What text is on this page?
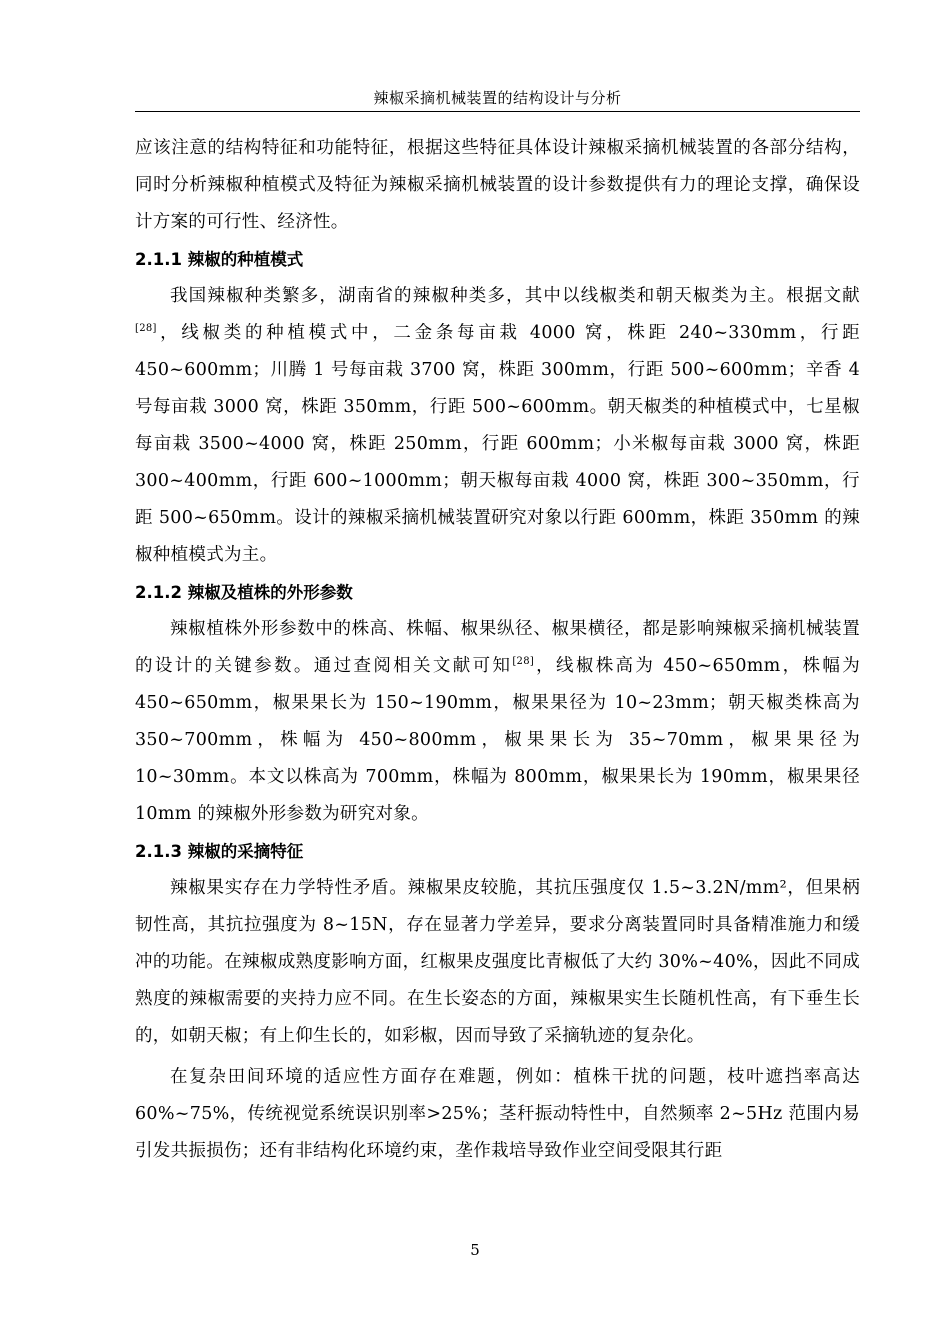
辣椒采摘机械装置的结构设计与分析

应该注意的结构特征和功能特征，根据这些特征具体设计辣椒采摘机械装置的各部分结构，同时分析辣椒种植模式及特征为辣椒采摘机械装置的设计参数提供有力的理论支撑，确保设计方案的可行性、经济性。

2.1.1 辣椒的种植模式

我国辣椒种类繁多，湖南省的辣椒种类多，其中以线椒类和朝天椒类为主。根据文献[28]，线椒类的种植模式中，二金条每亩栽 4000 窝，株距 240~330mm，行距 450~600mm；川腾 1 号每亩栽 3700 窝，株距 300mm，行距 500~600mm；辛香 4 号每亩栽 3000 窝，株距 350mm，行距 500~600mm。朝天椒类的种植模式中，七星椒每亩栽 3500~4000 窝，株距 250mm，行距 600mm；小米椒每亩栽 3000 窝，株距 300~400mm，行距 600~1000mm；朝天椒每亩栽 4000 窝，株距 300~350mm，行距 500~650mm。设计的辣椒采摘机械装置研究对象以行距 600mm，株距 350mm 的辣椒种植模式为主。

2.1.2 辣椒及植株的外形参数

辣椒植株外形参数中的株高、株幅、椒果纵径、椒果横径，都是影响辣椒采摘机械装置的设计的关键参数。通过查阅相关文献可知[28]，线椒株高为 450~650mm，株幅为 450~650mm，椒果果长为 150~190mm，椒果果径为 10~23mm；朝天椒类株高为 350~700mm，株幅为 450~800mm，椒果果长为 35~70mm，椒果果径为 10~30mm。本文以株高为 700mm，株幅为 800mm，椒果果长为 190mm，椒果果径 10mm 的辣椒外形参数为研究对象。

2.1.3 辣椒的采摘特征

辣椒果实存在力学特性矛盾。辣椒果皮较脆，其抗压强度仅 1.5~3.2N/mm²，但果柄韧性高，其抗拉强度为 8~15N，存在显著力学差异，要求分离装置同时具备精准施力和缓冲的功能。在辣椒成熟度影响方面，红椒果皮强度比青椒低了大约 30%~40%，因此不同成熟度的辣椒需要的夹持力应不同。在生长姿态的方面，辣椒果实生长随机性高，有下垂生长的，如朝天椒；有上仰生长的，如彩椒，因而导致了采摘轨迹的复杂化。

在复杂田间环境的适应性方面存在难题，例如：植株干扰的问题，枝叶遮挡率高达 60%~75%，传统视觉系统误识别率>25%；茎秆振动特性中，自然频率 2~5Hz 范围内易引发共振损伤；还有非结构化环境约束，垄作栽培导致作业空间受限其行距

5
